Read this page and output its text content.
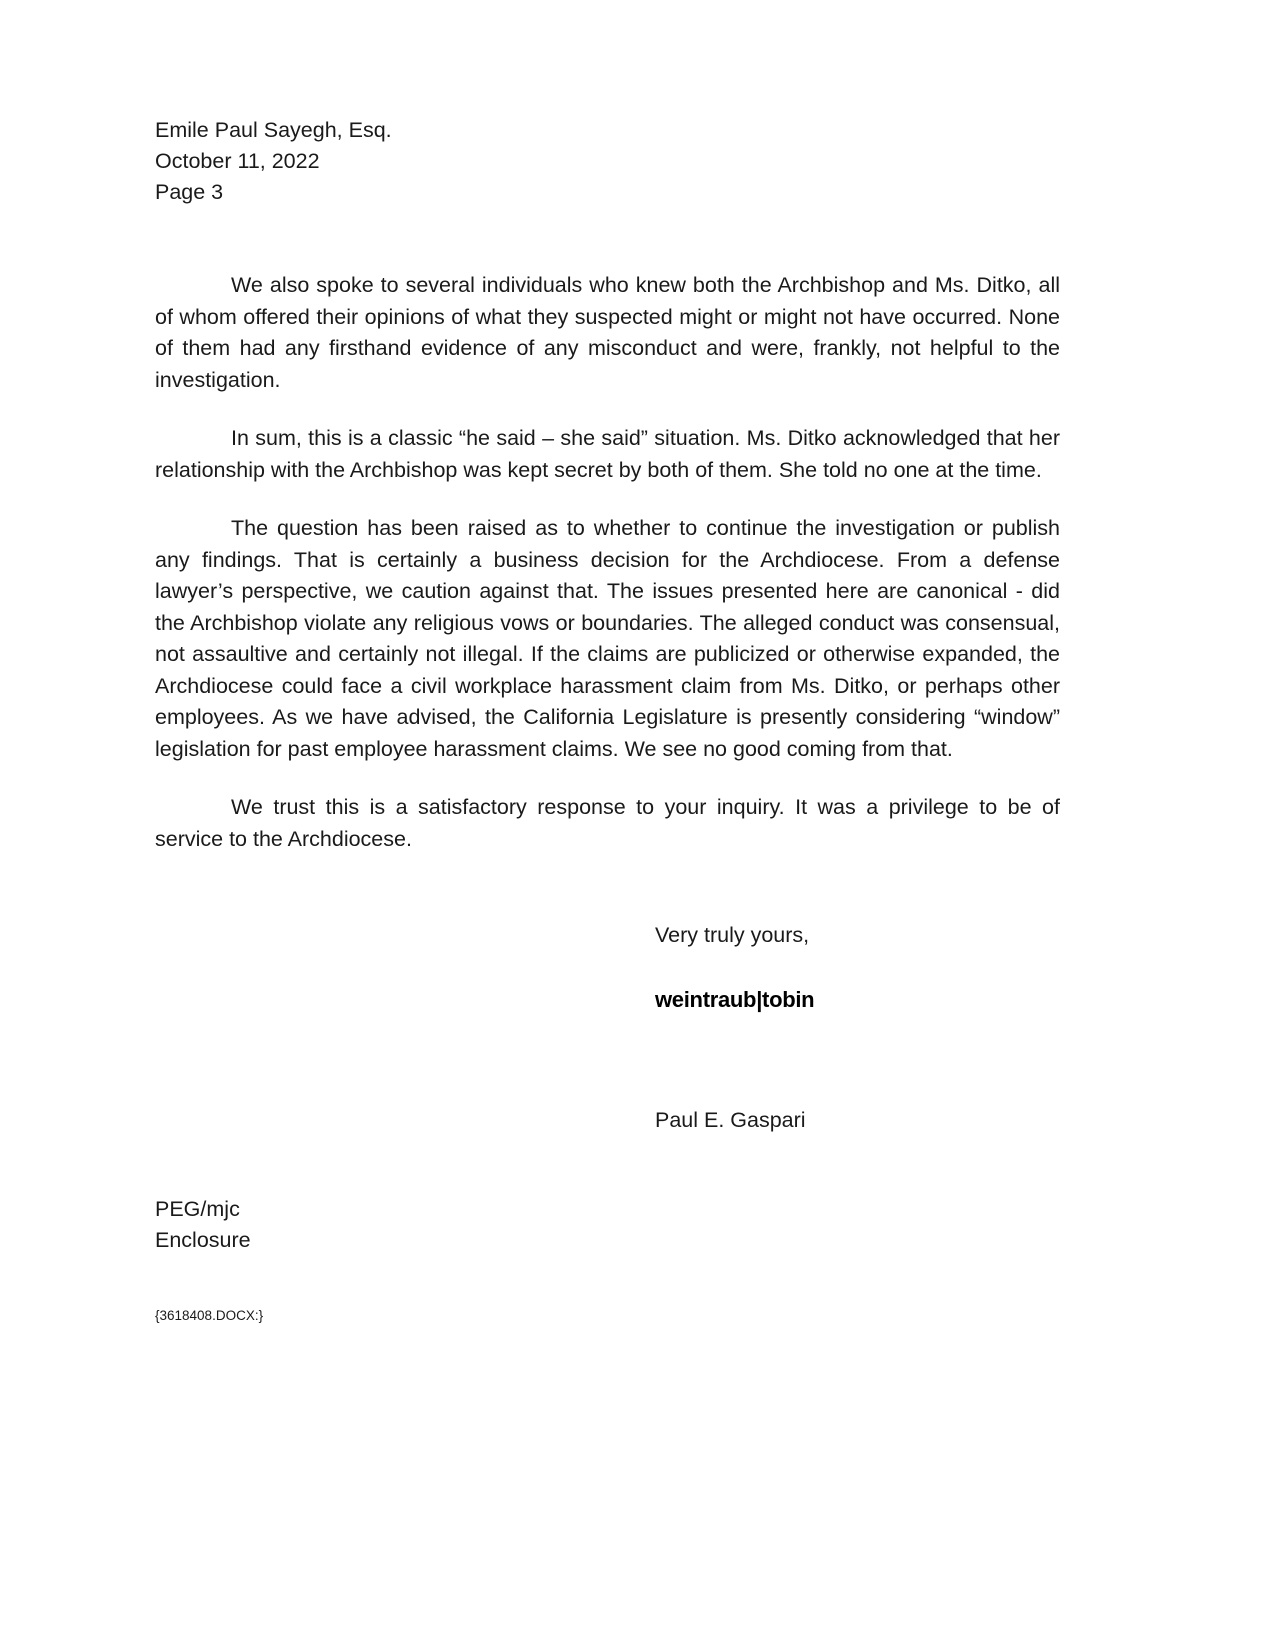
Emile Paul Sayegh, Esq.
October 11, 2022
Page 3

We also spoke to several individuals who knew both the Archbishop and Ms. Ditko, all of whom offered their opinions of what they suspected might or might not have occurred. None of them had any firsthand evidence of any misconduct and were, frankly, not helpful to the investigation.

In sum, this is a classic “he said – she said” situation. Ms. Ditko acknowledged that her relationship with the Archbishop was kept secret by both of them. She told no one at the time.

The question has been raised as to whether to continue the investigation or publish any findings. That is certainly a business decision for the Archdiocese. From a defense lawyer’s perspective, we caution against that. The issues presented here are canonical - did the Archbishop violate any religious vows or boundaries. The alleged conduct was consensual, not assaultive and certainly not illegal. If the claims are publicized or otherwise expanded, the Archdiocese could face a civil workplace harassment claim from Ms. Ditko, or perhaps other employees. As we have advised, the California Legislature is presently considering “window” legislation for past employee harassment claims. We see no good coming from that.

We trust this is a satisfactory response to your inquiry. It was a privilege to be of service to the Archdiocese.

Very truly yours,
weintraub|tobin
Paul E. Gaspari
PEG/mjc
Enclosure
{3618408.DOCX:}
